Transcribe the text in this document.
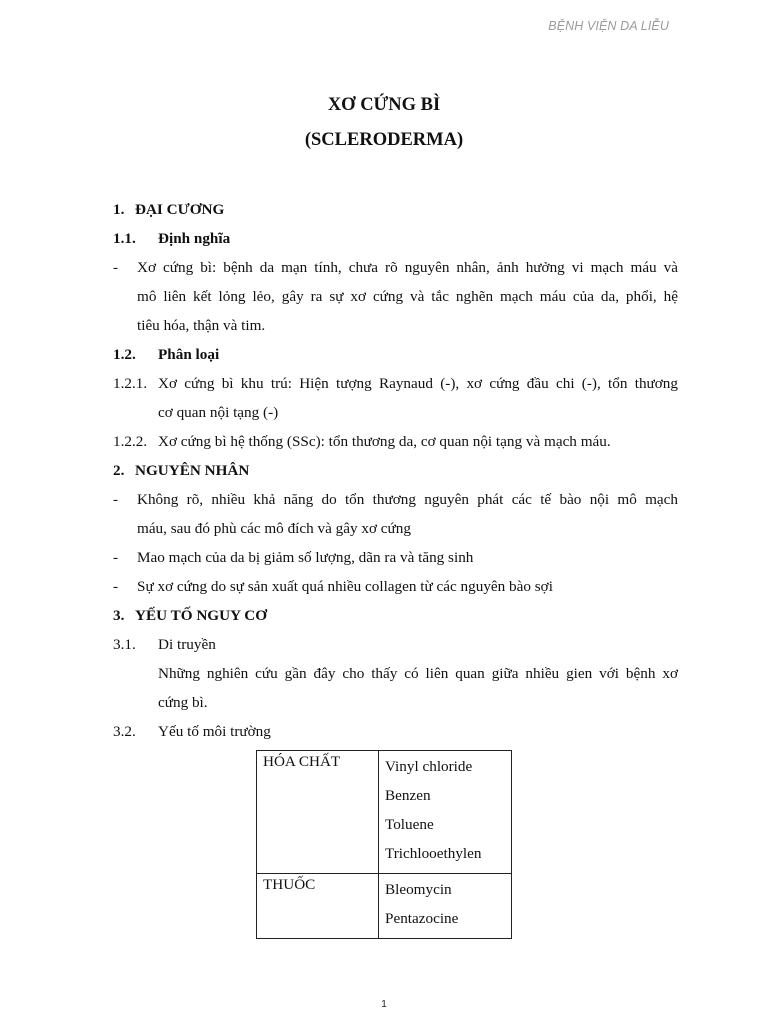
BỆNH VIỆN DA LIỄU
XƠ CỨNG BÌ
(SCLERODERMA)
1. ĐẠI CƯƠNG
1.1. Định nghĩa
- Xơ cứng bì: bệnh da mạn tính, chưa rõ nguyên nhân, ảnh hưởng vi mạch máu và
mô liên kết lỏng lẻo, gây ra sự xơ cứng và tắc nghẽn mạch máu của da, phổi, hệ
tiêu hóa, thận và tim.
1.2. Phân loại
1.2.1. Xơ cứng bì khu trú: Hiện tượng Raynaud (-), xơ cứng đầu chi (-), tổn thương
cơ quan nội tạng (-)
1.2.2. Xơ cứng bì hệ thống (SSc): tổn thương da, cơ quan nội tạng và mạch máu.
2. NGUYÊN NHÂN
- Không rõ, nhiều khả năng do tổn thương nguyên phát các tế bào nội mô mạch
máu, sau đó phù các mô đích và gây xơ cứng
- Mao mạch của da bị giảm số lượng, dãn ra và tăng sinh
- Sự xơ cứng do sự sản xuất quá nhiều collagen từ các nguyên bào sợi
3. YẾU TỐ NGUY CƠ
3.1. Di truyền
Những nghiên cứu gần đây cho thấy có liên quan giữa nhiều gien với bệnh xơ
cứng bì.
3.2. Yếu tố môi trường
HÓA CHẤT	Vinyl chloride
Benzen
Toluene
Trichlooethylen

THUỐC	Bleomycin
Pentazocine
1
